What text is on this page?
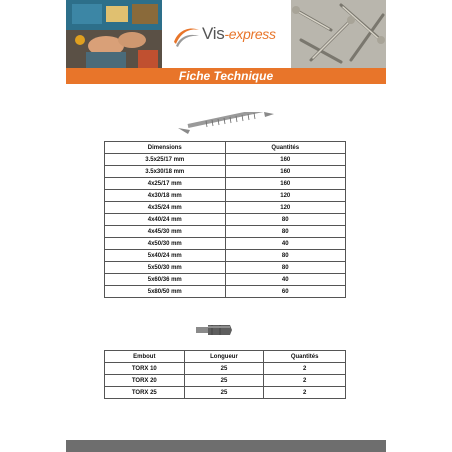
Vis-express
Fiche Technique
Dimensions	Quantités
3.5x25/17 mm	160
3.5x30/18 mm	160
4x25/17 mm	160
4x30/18 mm	120
4x35/24 mm	120
4x40/24 mm	80
4x45/30 mm	80
4x50/30 mm	40
5x40/24 mm	80
5x50/30 mm	80
5x60/36 mm	40
5x80/50 mm	60
Embout	Longueur	Quantités
TORX 10	25	2
TORX 20	25	2
TORX 25	25	2
